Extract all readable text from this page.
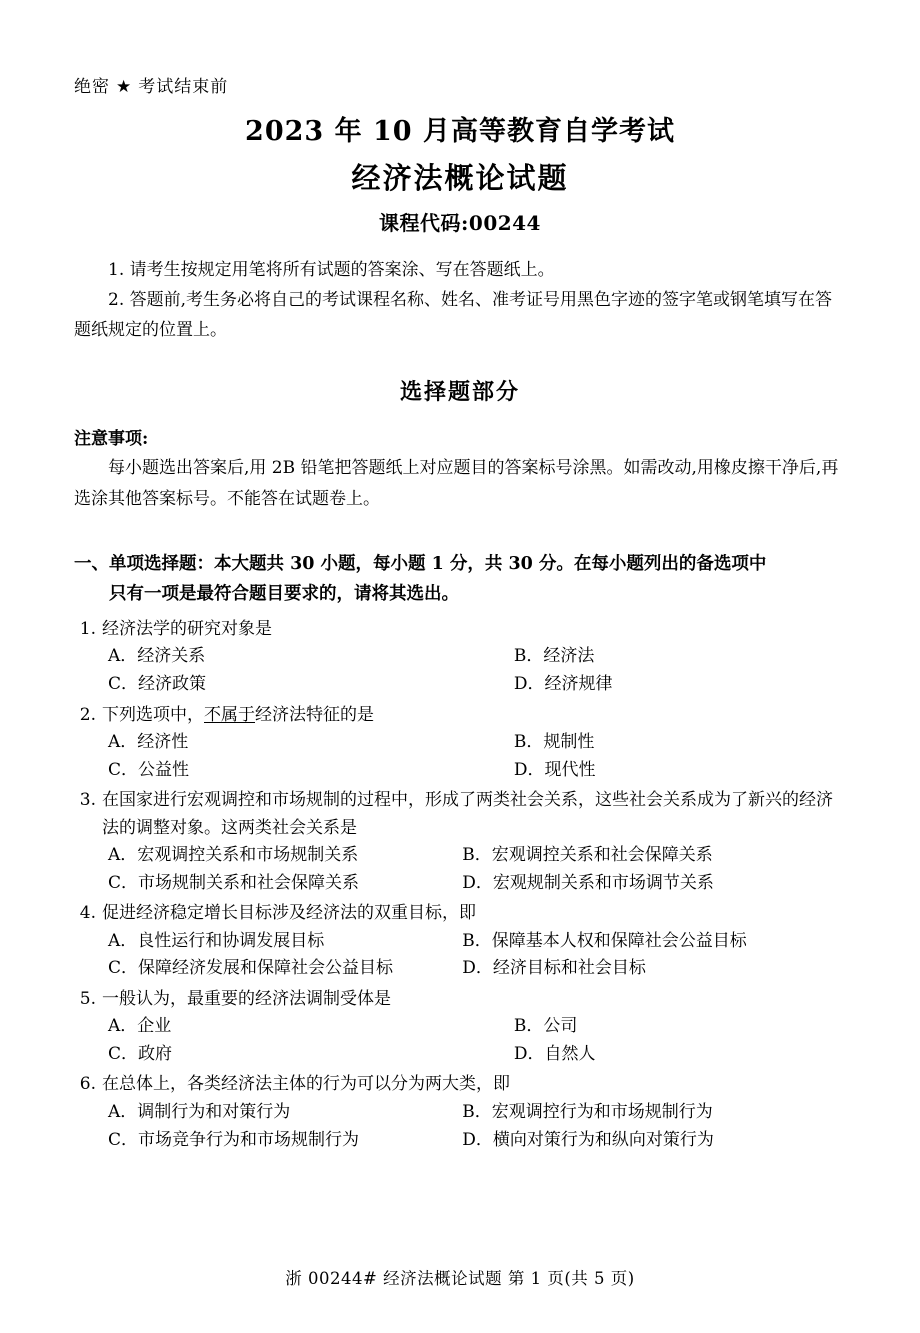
绝密 ★ 考试结束前
2023 年 10 月高等教育自学考试
经济法概论试题
课程代码:00244

1. 请考生按规定用笔将所有试题的答案涂、写在答题纸上。

2. 答题前,考生务必将自己的考试课程名称、姓名、准考证号用黑色字迹的签字笔或钢笔填写在答题纸规定的位置上。

选择题部分
注意事项:

每小题选出答案后,用 2B 铅笔把答题纸上对应题目的答案标号涂黑。如需改动,用橡皮擦干净后,再选涂其他答案标号。不能答在试题卷上。

一、单项选择题：本大题共 30 小题，每小题 1 分，共 30 分。在每小题列出的备选项中
只有一项是最符合题目要求的，请将其选出。
1. 经济法学的研究对象是
A．经济关系	B．经济法
C．经济政策	D．经济规律
2. 下列选项中，不属于经济法特征的是
A．经济性	B．规制性
C．公益性	D．现代性
3. 在国家进行宏观调控和市场规制的过程中，形成了两类社会关系，这些社会关系成为了新兴的经济法的调整对象。这两类社会关系是
A．宏观调控关系和市场规制关系	B．宏观调控关系和社会保障关系
C．市场规制关系和社会保障关系	D．宏观规制关系和市场调节关系
4. 促进经济稳定增长目标涉及经济法的双重目标，即
A．良性运行和协调发展目标	B．保障基本人权和保障社会公益目标
C．保障经济发展和保障社会公益目标	D．经济目标和社会目标
5. 一般认为，最重要的经济法调制受体是
A．企业	B．公司
C．政府	D．自然人
6. 在总体上，各类经济法主体的行为可以分为两大类，即
A．调制行为和对策行为	B．宏观调控行为和市场规制行为
C．市场竞争行为和市场规制行为	D．横向对策行为和纵向对策行为
浙 00244# 经济法概论试题 第 1 页(共 5 页)
